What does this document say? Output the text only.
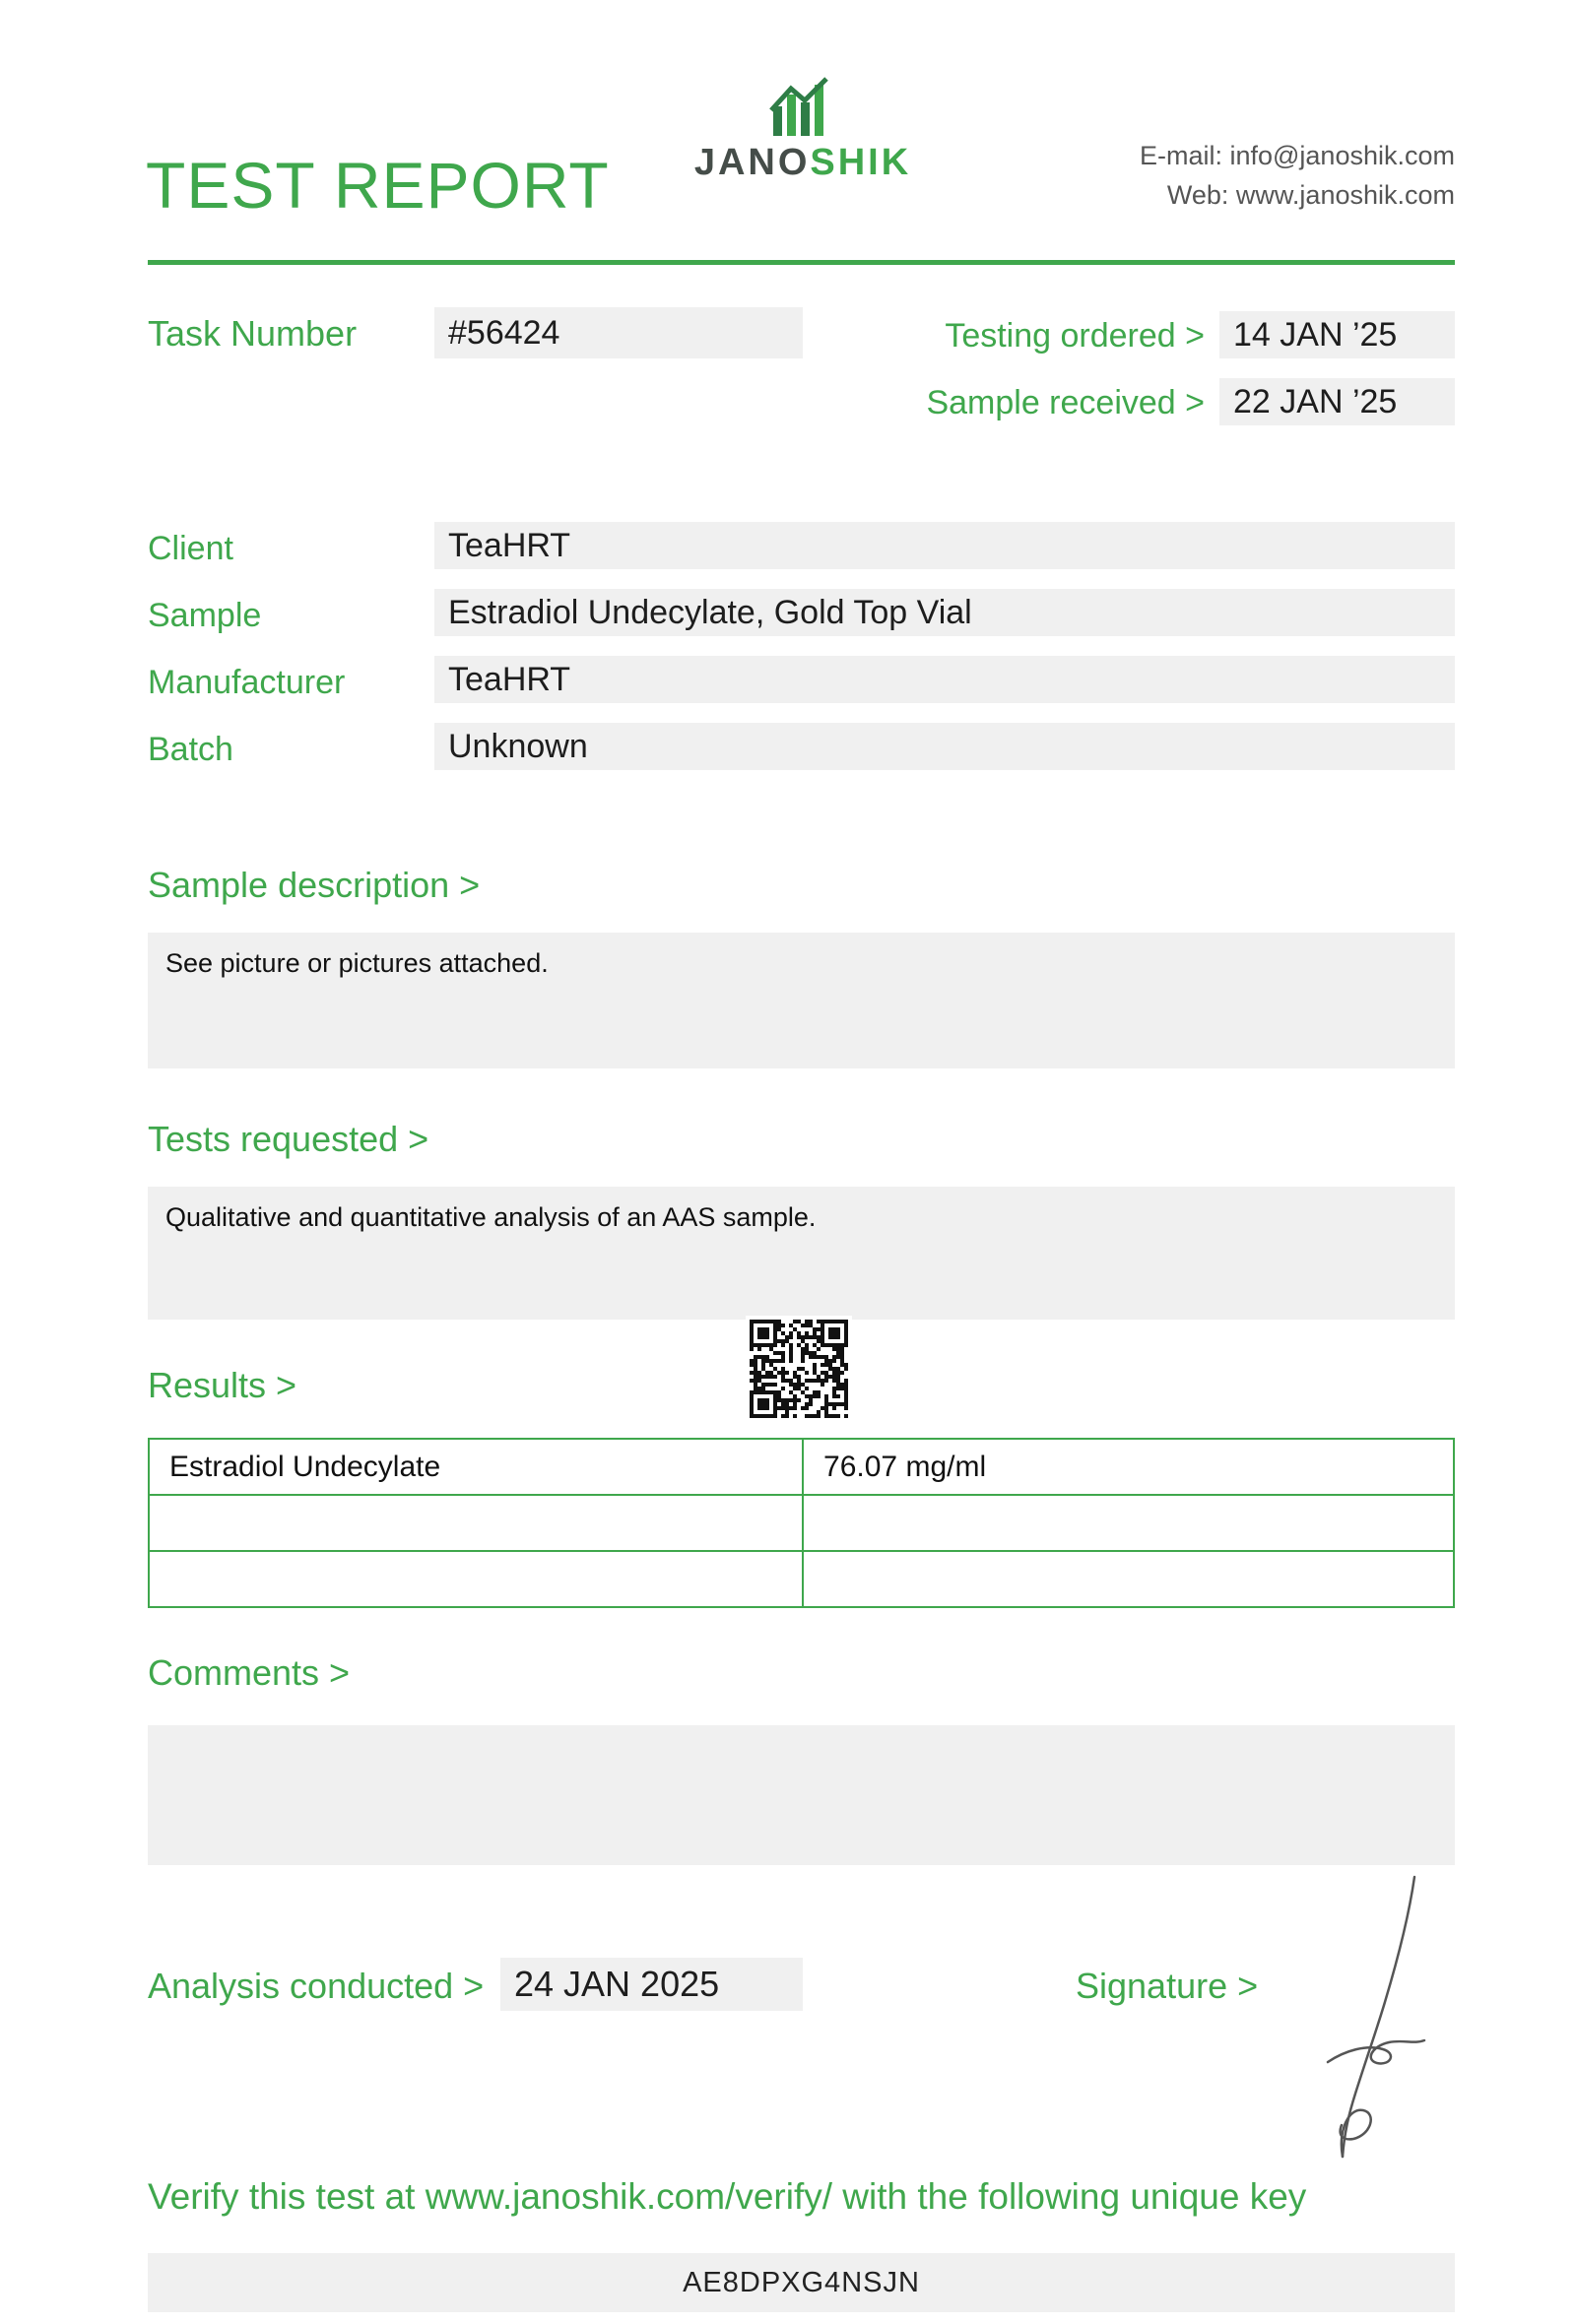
TEST REPORT	JANOSHIK	E-mail: info@janoshik.com
Web: www.janoshik.com
Task Number	#56424	Testing ordered > 14 JAN ’25
Sample received > 22 JAN ’25
Client	TeaHRT
Sample	Estradiol Undecylate, Gold Top Vial
Manufacturer	TeaHRT
Batch	Unknown
Sample description >
See picture or pictures attached.
Tests requested >
Qualitative and quantitative analysis of an AAS sample.
Results >
Estradiol Undecylate	76.07 mg/ml

Comments >
Analysis conducted > 24 JAN 2025	Signature >
Verify this test at www.janoshik.com/verify/ with the following unique key
AE8DPXG4NSJN
